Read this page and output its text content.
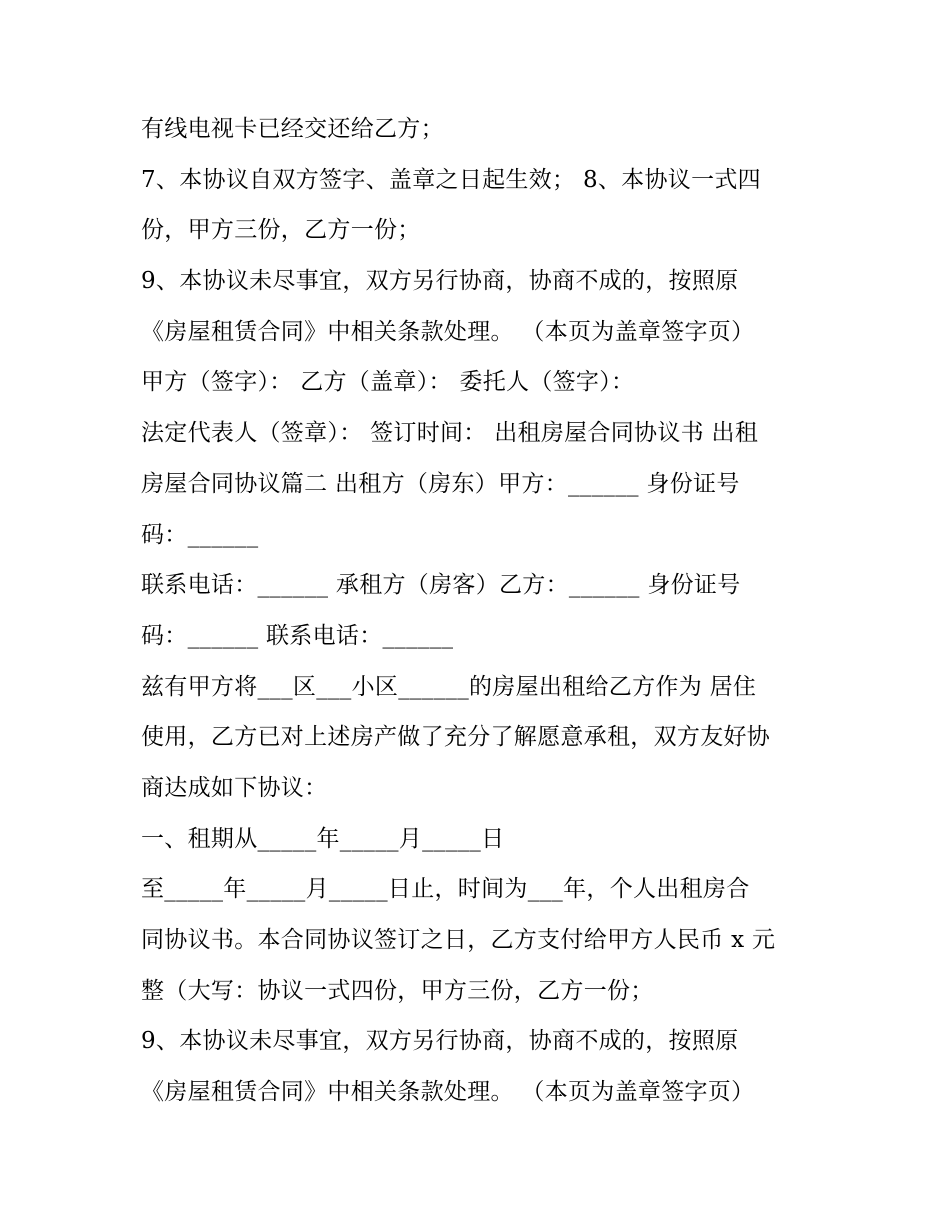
有线电视卡已经交还给乙方；

7、本协议自双方签字、盖章之日起生效； 8、本协议一式四

份，甲方三份，乙方一份；

9、本协议未尽事宜，双方另行协商，协商不成的，按照原

《房屋租赁合同》中相关条款处理。 （本页为盖章签字页）

甲方（签字）： 乙方（盖章）： 委托人（签字）：

法定代表人（签章）： 签订时间： 出租房屋合同协议书 出租

房屋合同协议篇二 出租方（房东）甲方：______ 身份证号

码：______

联系电话：______ 承租方（房客）乙方：______ 身份证号

码：______ 联系电话：______

兹有甲方将___区___小区______的房屋出租给乙方作为 居住

使用，乙方已对上述房产做了充分了解愿意承租，双方友好协

商达成如下协议：

一、租期从_____年_____月_____日

至_____年_____月_____日止，时间为___年，个人出租房合

同协议书。本合同协议签订之日，乙方支付给甲方人民币 x 元

整（大写：协议一式四份，甲方三份，乙方一份；

9、本协议未尽事宜，双方另行协商，协商不成的，按照原

《房屋租赁合同》中相关条款处理。 （本页为盖章签字页）
